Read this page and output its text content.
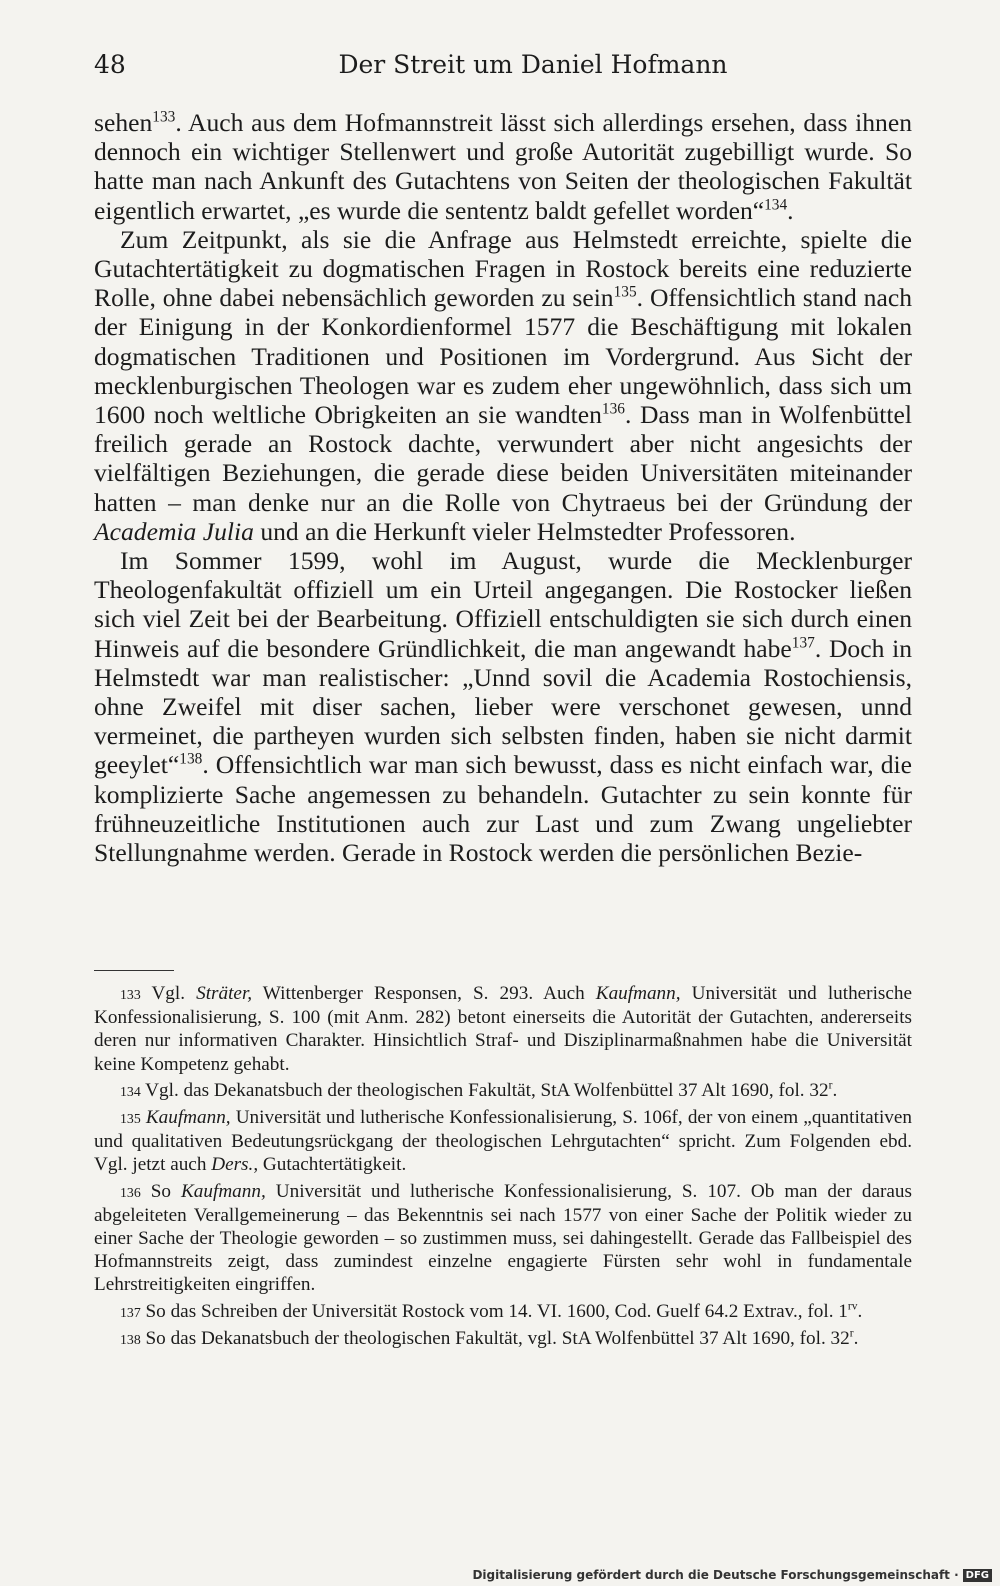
48	Der Streit um Daniel Hofmann

sehen$^{133}$. Auch aus dem Hofmannstreit lässt sich allerdings ersehen, dass ihnen dennoch ein wichtiger Stellenwert und große Autorität zugebilligt wurde. So hatte man nach Ankunft des Gutachtens von Seiten der theologischen Fakultät eigentlich erwartet, „es wurde die sententz baldt gefellet worden“$^{134}$.

Zum Zeitpunkt, als sie die Anfrage aus Helmstedt erreichte, spielte die Gutachtertätigkeit zu dogmatischen Fragen in Rostock bereits eine reduzierte Rolle, ohne dabei nebensächlich geworden zu sein$^{135}$. Offensichtlich stand nach der Einigung in der Konkordienformel 1577 die Beschäftigung mit lokalen dogmatischen Traditionen und Positionen im Vordergrund. Aus Sicht der mecklenburgischen Theologen war es zudem eher ungewöhnlich, dass sich um 1600 noch weltliche Obrigkeiten an sie wandten$^{136}$. Dass man in Wolfenbüttel freilich gerade an Rostock dachte, verwundert aber nicht angesichts der vielfältigen Beziehungen, die gerade diese beiden Universitäten miteinander hatten – man denke nur an die Rolle von Chytraeus bei der Gründung der Academia Julia und an die Herkunft vieler Helmstedter Professoren.

Im Sommer 1599, wohl im August, wurde die Mecklenburger Theologenfakultät offiziell um ein Urteil angegangen. Die Rostocker ließen sich viel Zeit bei der Bearbeitung. Offiziell entschuldigten sie sich durch einen Hinweis auf die besondere Gründlichkeit, die man angewandt habe$^{137}$. Doch in Helmstedt war man realistischer: „Unnd sovil die Academia Rostochiensis, ohne Zweifel mit diser sachen, lieber were verschonet gewesen, unnd vermeinet, die partheyen wurden sich selbsten finden, haben sie nicht darmit geeylet“$^{138}$. Offensichtlich war man sich bewusst, dass es nicht einfach war, die komplizierte Sache angemessen zu behandeln. Gutachter zu sein konnte für frühneuzeitliche Institutionen auch zur Last und zum Zwang ungeliebter Stellungnahme werden. Gerade in Rostock werden die persönlichen Bezie-

133 Vgl. Sträter, Wittenberger Responsen, S. 293. Auch Kaufmann, Universität und lutherische Konfessionalisierung, S. 100 (mit Anm. 282) betont einerseits die Autorität der Gutachten, andererseits deren nur informativen Charakter. Hinsichtlich Straf- und Disziplinarmaßnahmen habe die Universität keine Kompetenz gehabt.

134 Vgl. das Dekanatsbuch der theologischen Fakultät, StA Wolfenbüttel 37 Alt 1690, fol. 32$^r$.

135 Kaufmann, Universität und lutherische Konfessionalisierung, S. 106f, der von einem „quantitativen und qualitativen Bedeutungsrückgang der theologischen Lehrgutachten“ spricht. Zum Folgenden ebd. Vgl. jetzt auch Ders., Gutachtertätigkeit.

136 So Kaufmann, Universität und lutherische Konfessionalisierung, S. 107. Ob man der daraus abgeleiteten Verallgemeinerung – das Bekenntnis sei nach 1577 von einer Sache der Politik wieder zu einer Sache der Theologie geworden – so zustimmen muss, sei dahingestellt. Gerade das Fallbeispiel des Hofmannstreits zeigt, dass zumindest einzelne engagierte Fürsten sehr wohl in fundamentale Lehrstreitigkeiten eingriffen.

137 So das Schreiben der Universität Rostock vom 14. VI. 1600, Cod. Guelf 64.2 Extrav., fol. $1^{rv}$.

138 So das Dekanatsbuch der theologischen Fakultät, vgl. StA Wolfenbüttel 37 Alt 1690, fol. 32$^r$.

Digitalisierung gefördert durch die Deutsche Forschungsgemeinschaft · DFG
